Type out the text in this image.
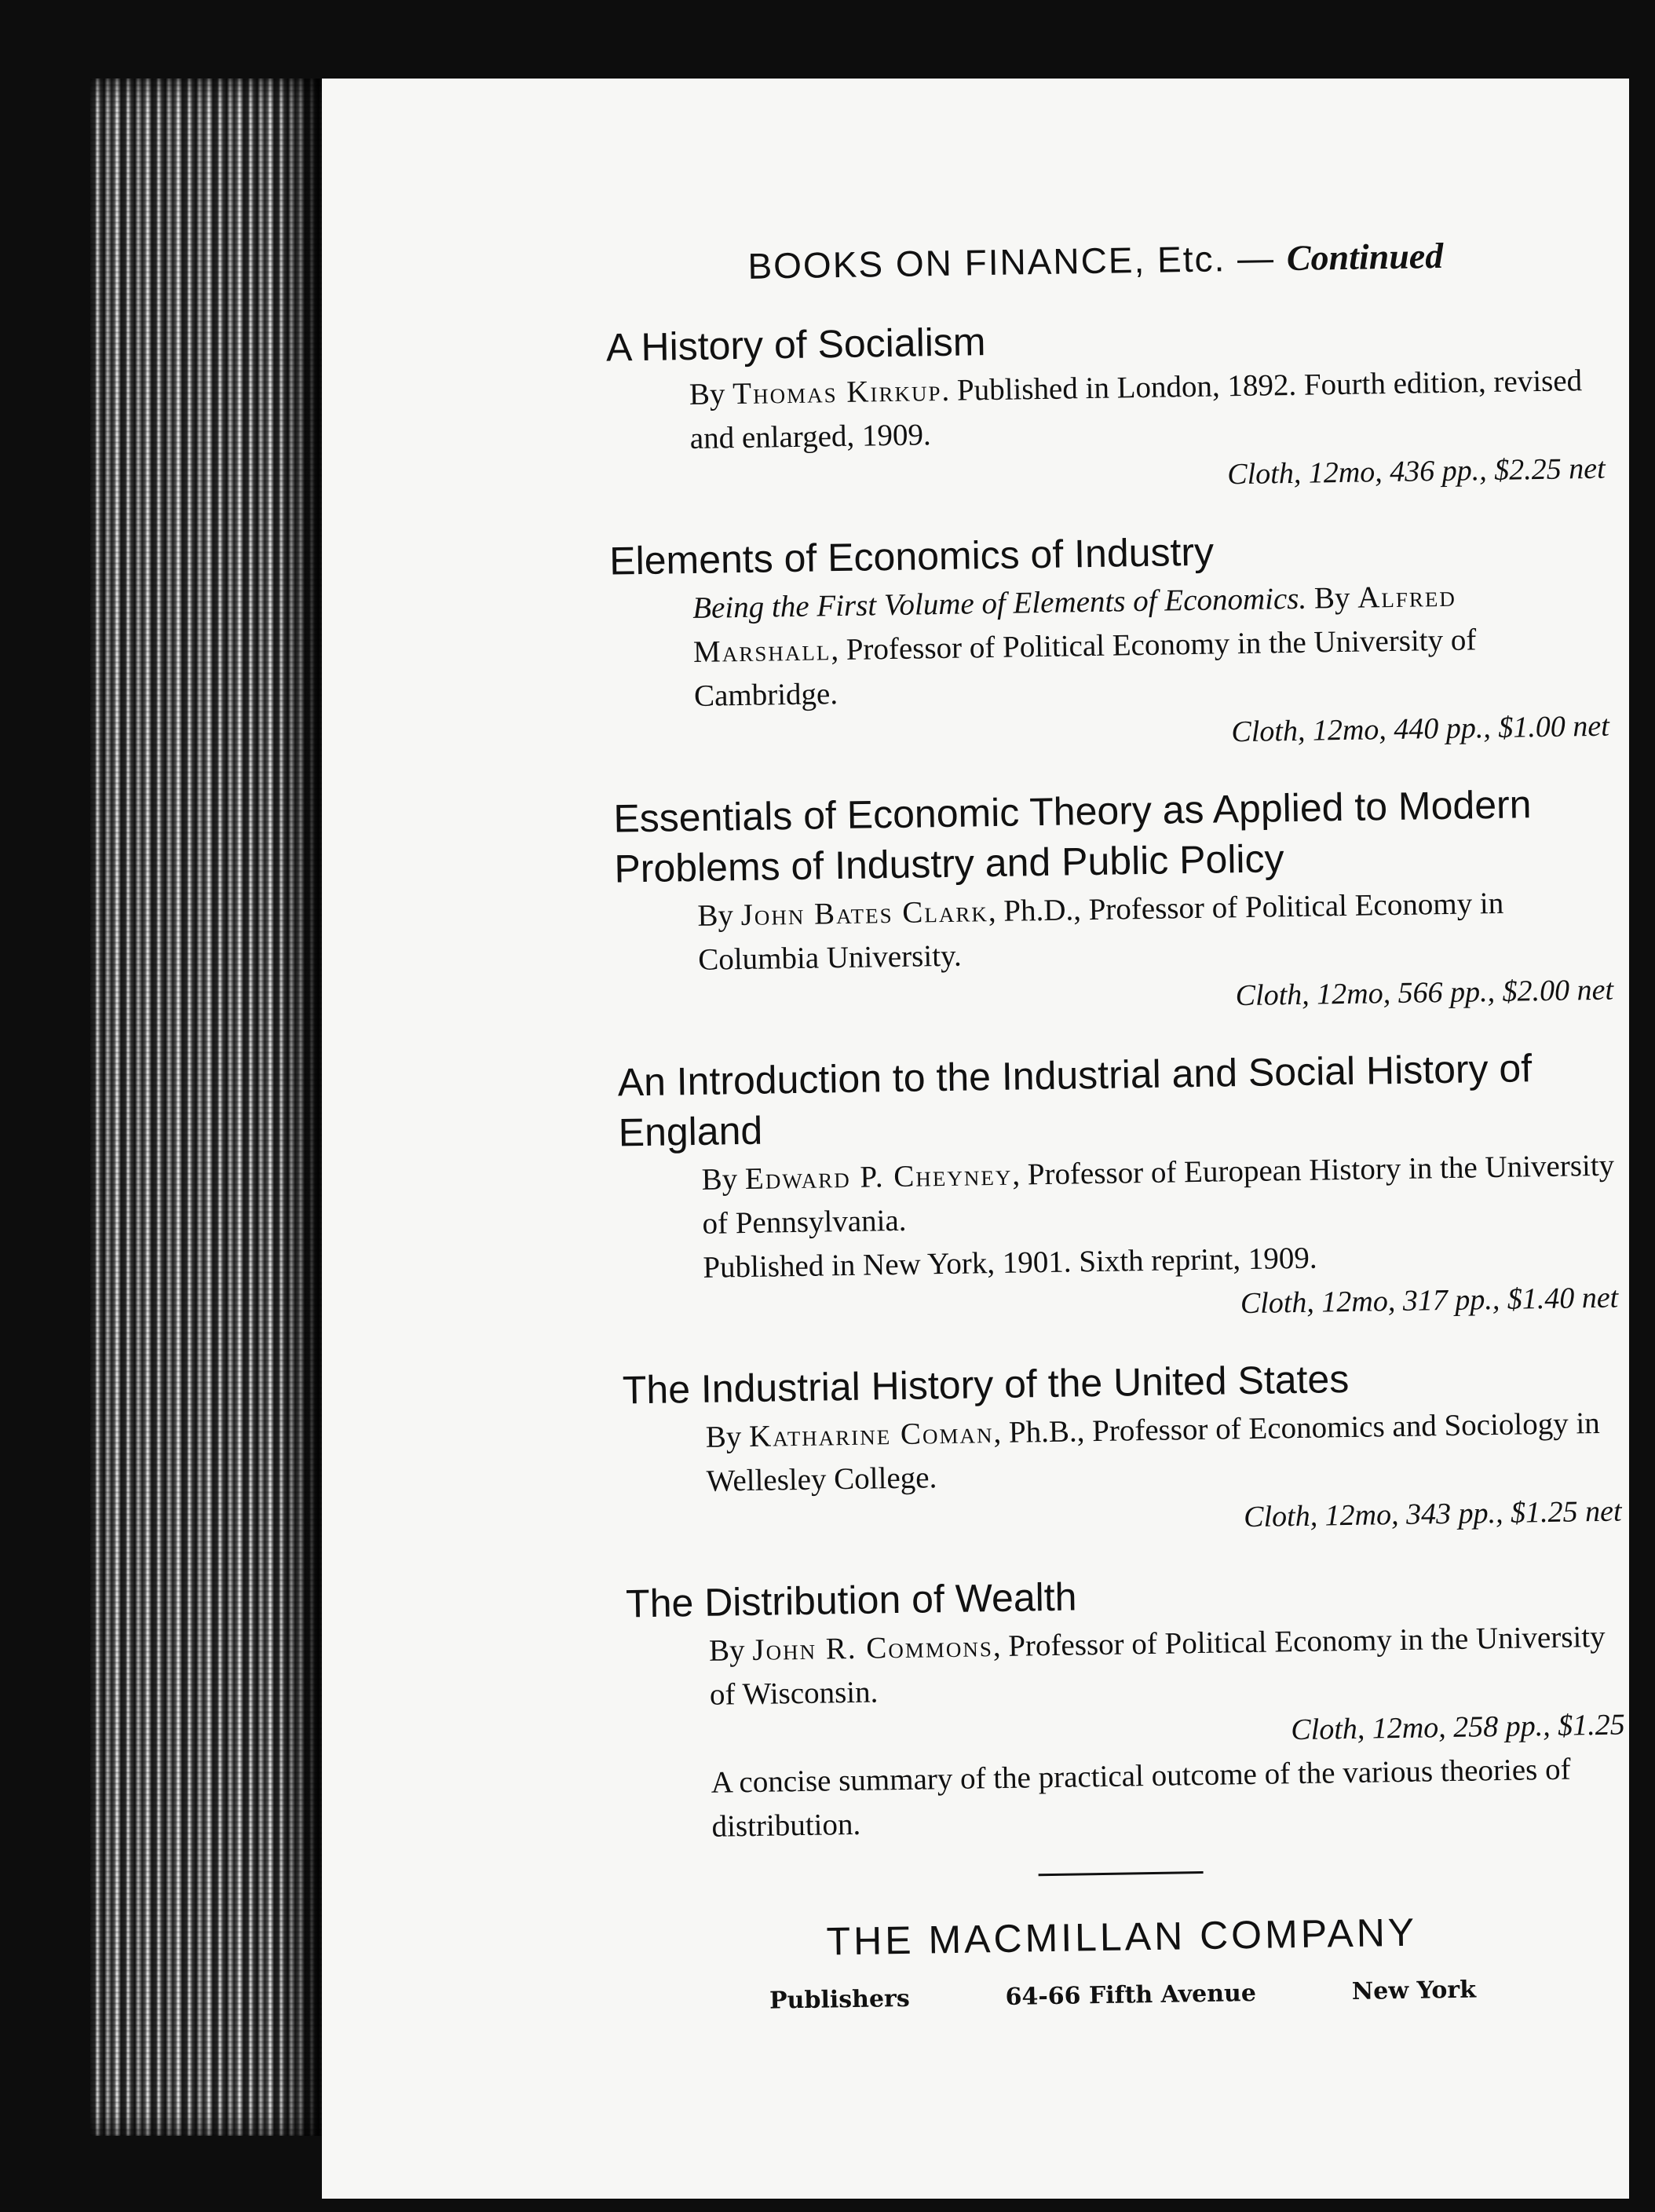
BOOKS ON FINANCE, Etc. — Continued

A History of Socialism

By Thomas Kirkup. Published in London, 1892. Fourth edition, revised and enlarged, 1909.
Cloth, 12mo, 436 pp., $2.25 net

Elements of Economics of Industry

Being the First Volume of Elements of Economics. By Alfred Marshall, Professor of Political Economy in the University of Cambridge.
Cloth, 12mo, 440 pp., $1.00 net

Essentials of Economic Theory as Applied to Modern Problems of Industry and Public Policy

By John Bates Clark, Ph.D., Professor of Political Economy in Columbia University.
Cloth, 12mo, 566 pp., $2.00 net

An Introduction to the Industrial and Social History of England

By Edward P. Cheyney, Professor of European History in the University of Pennsylvania.
Published in New York, 1901. Sixth reprint, 1909.
Cloth, 12mo, 317 pp., $1.40 net

The Industrial History of the United States

By Katharine Coman, Ph.B., Professor of Economics and Sociology in Wellesley College.
Cloth, 12mo, 343 pp., $1.25 net

The Distribution of Wealth

By John R. Commons, Professor of Political Economy in the University of Wisconsin.
Cloth, 12mo, 258 pp., $1.25
A concise summary of the practical outcome of the various theories of distribution.

THE MACMILLAN COMPANY

Publishers	64-66 Fifth Avenue	New York
